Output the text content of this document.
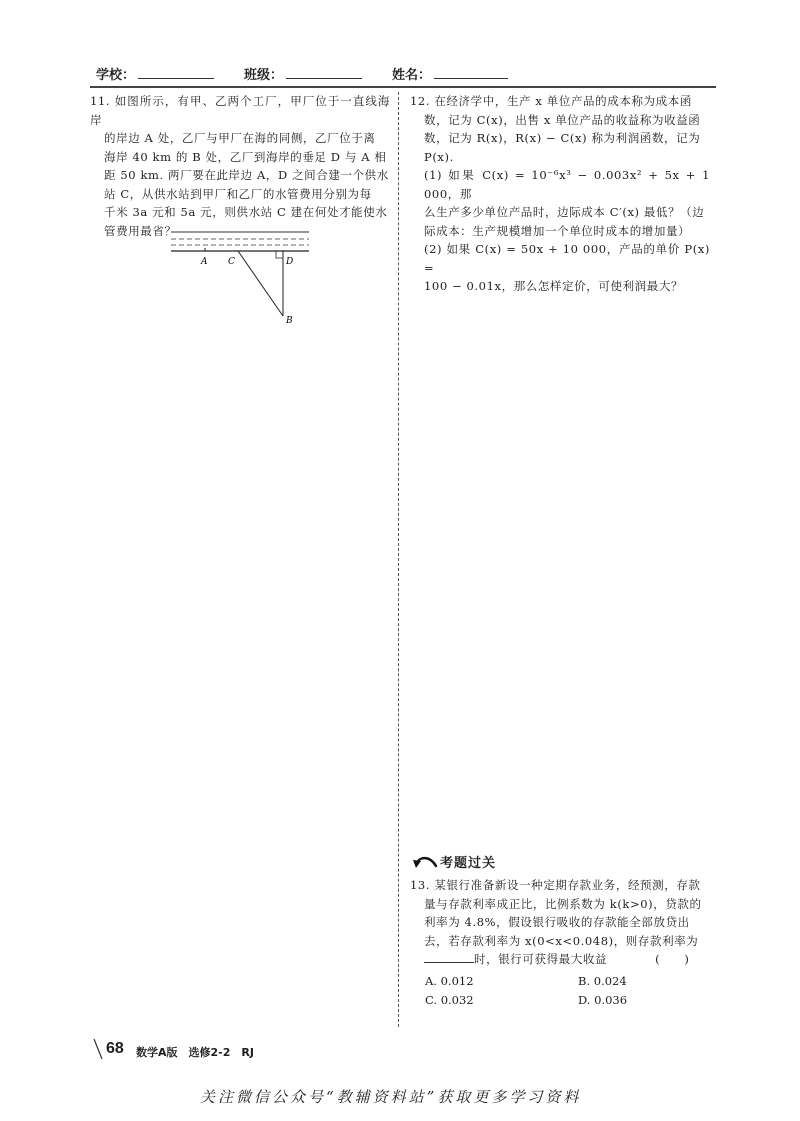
学校：	班级：	姓名：

11. 如图所示，有甲、乙两个工厂，甲厂位于一直线海岸

的岸边 A 处，乙厂与甲厂在海的同侧，乙厂位于离

海岸 40 km 的 B 处，乙厂到海岸的垂足 D 与 A 相

距 50 km. 两厂要在此岸边 A，D 之间合建一个供水

站 C，从供水站到甲厂和乙厂的水管费用分别为每

千米 3a 元和 5a 元，则供水站 C 建在何处才能使水

管费用最省？

A C	D
B

12. 在经济学中，生产 x 单位产品的成本称为成本函

数，记为 C(x)，出售 x 单位产品的收益称为收益函

数，记为 R(x)，R(x) − C(x) 称为利润函数，记为

P(x).

(1) 如果 C(x) = 10⁻⁶x³ − 0.003x² + 5x + 1 000，那

么生产多少单位产品时，边际成本 C′(x) 最低？（边

际成本：生产规模增加一个单位时成本的增加量）

(2) 如果 C(x) = 50x + 10 000，产品的单价 P(x) =

100 − 0.01x，那么怎样定价，可使利润最大？

考题过关

13. 某银行准备新设一种定期存款业务，经预测，存款

量与存款利率成正比，比例系数为 k(k>0)，贷款的

利率为 4.8%，假设银行吸收的存款能全部放贷出

去，若存款利率为 x(0<x<0.048)，则存款利率为

时，银行可获得最大收益	(　　)

A. 0.012	B. 0.024
C. 0.032	D. 0.036
68 数学A版　选修2-2　RJ
关注微信公众号“教辅资料站”获取更多学习资料
